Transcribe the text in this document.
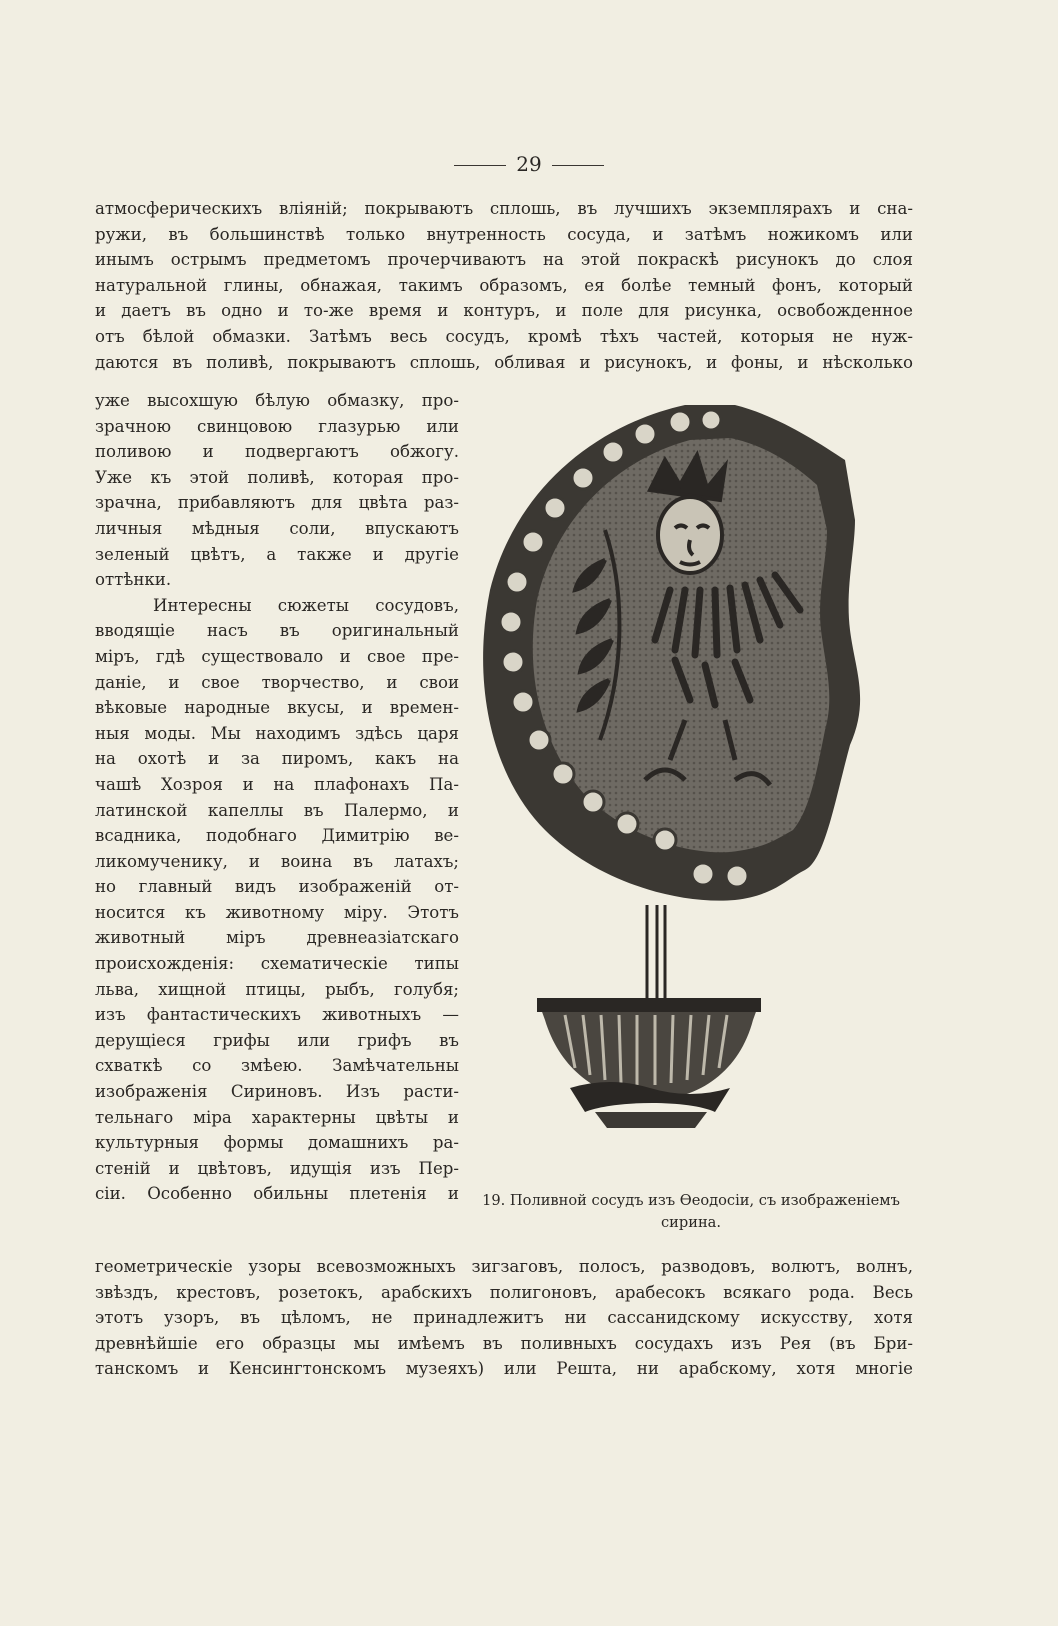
29
атмосферическихъ вліяній; покрываютъ сплошь, въ лучшихъ экземплярахъ и сна-
ружи, въ большинствѣ только внутренность сосуда, и затѣмъ ножикомъ или
инымъ острымъ предметомъ прочерчиваютъ на этой покраскѣ рисунокъ до слоя
натуральной глины, обнажая, такимъ образомъ, ея болѣе темный фонъ, который
и даетъ въ одно и то-же время и контуръ, и поле для рисунка, освобожденное
отъ бѣлой обмазки. Затѣмъ весь сосудъ, кромѣ тѣхъ частей, которыя не нуж-
даются въ поливѣ, покрываютъ сплошь, обливая и рисунокъ, и фоны, и нѣсколько
уже высохшую бѣлую обмазку, про-
зрачною свинцовою глазурью или
поливою и подвергаютъ обжогу.
Уже къ этой поливѣ, которая про-
зрачна, прибавляютъ для цвѣта раз-
личныя мѣдныя соли, впускаютъ
зеленый цвѣтъ, а также и другіе
оттѣнки.
Интересны сюжеты сосудовъ,
вводящіе насъ въ оригинальный
міръ, гдѣ существовало и свое пре-
даніе, и свое творчество, и свои
вѣковые народные вкусы, и времен-
ныя моды. Мы находимъ здѣсь царя
на охотѣ и за пиромъ, какъ на
чашѣ Хозроя и на плафонахъ Па-
латинской капеллы въ Палермо, и
всадника, подобнаго Димитрію ве-
ликомученику, и воина въ латахъ;
но главный видъ изображеній от-
носится къ животному міру. Этотъ
животный міръ древнеазіатскаго
происхожденія: схематическіе типы
льва, хищной птицы, рыбъ, голубя;
изъ фантастическихъ животныхъ —
дерущіеся грифы или грифъ въ
схваткѣ со змѣею. Замѣчательны
изображенія Сириновъ. Изъ расти-
тельнаго міра характерны цвѣты и
культурныя формы домашнихъ ра-
стеній и цвѣтовъ, идущія изъ Пер-
сіи. Особенно обильны плетенія и	19. Поливной сосудъ изъ Ѳеодосіи, съ изображеніемъ
сирина.
геометрическіе узоры всевозможныхъ зигзаговъ, полосъ, разводовъ, волютъ, волнъ,
звѣздъ, крестовъ, розетокъ, арабскихъ полигоновъ, арабесокъ всякаго рода. Весь
этотъ узоръ, въ цѣломъ, не принадлежитъ ни сассанидскому искусству, хотя
древнѣйшіе его образцы мы имѣемъ въ поливныхъ сосудахъ изъ Рея (въ Бри-
танскомъ и Кенсингтонскомъ музеяхъ) или Решта, ни арабскому, хотя многіе
